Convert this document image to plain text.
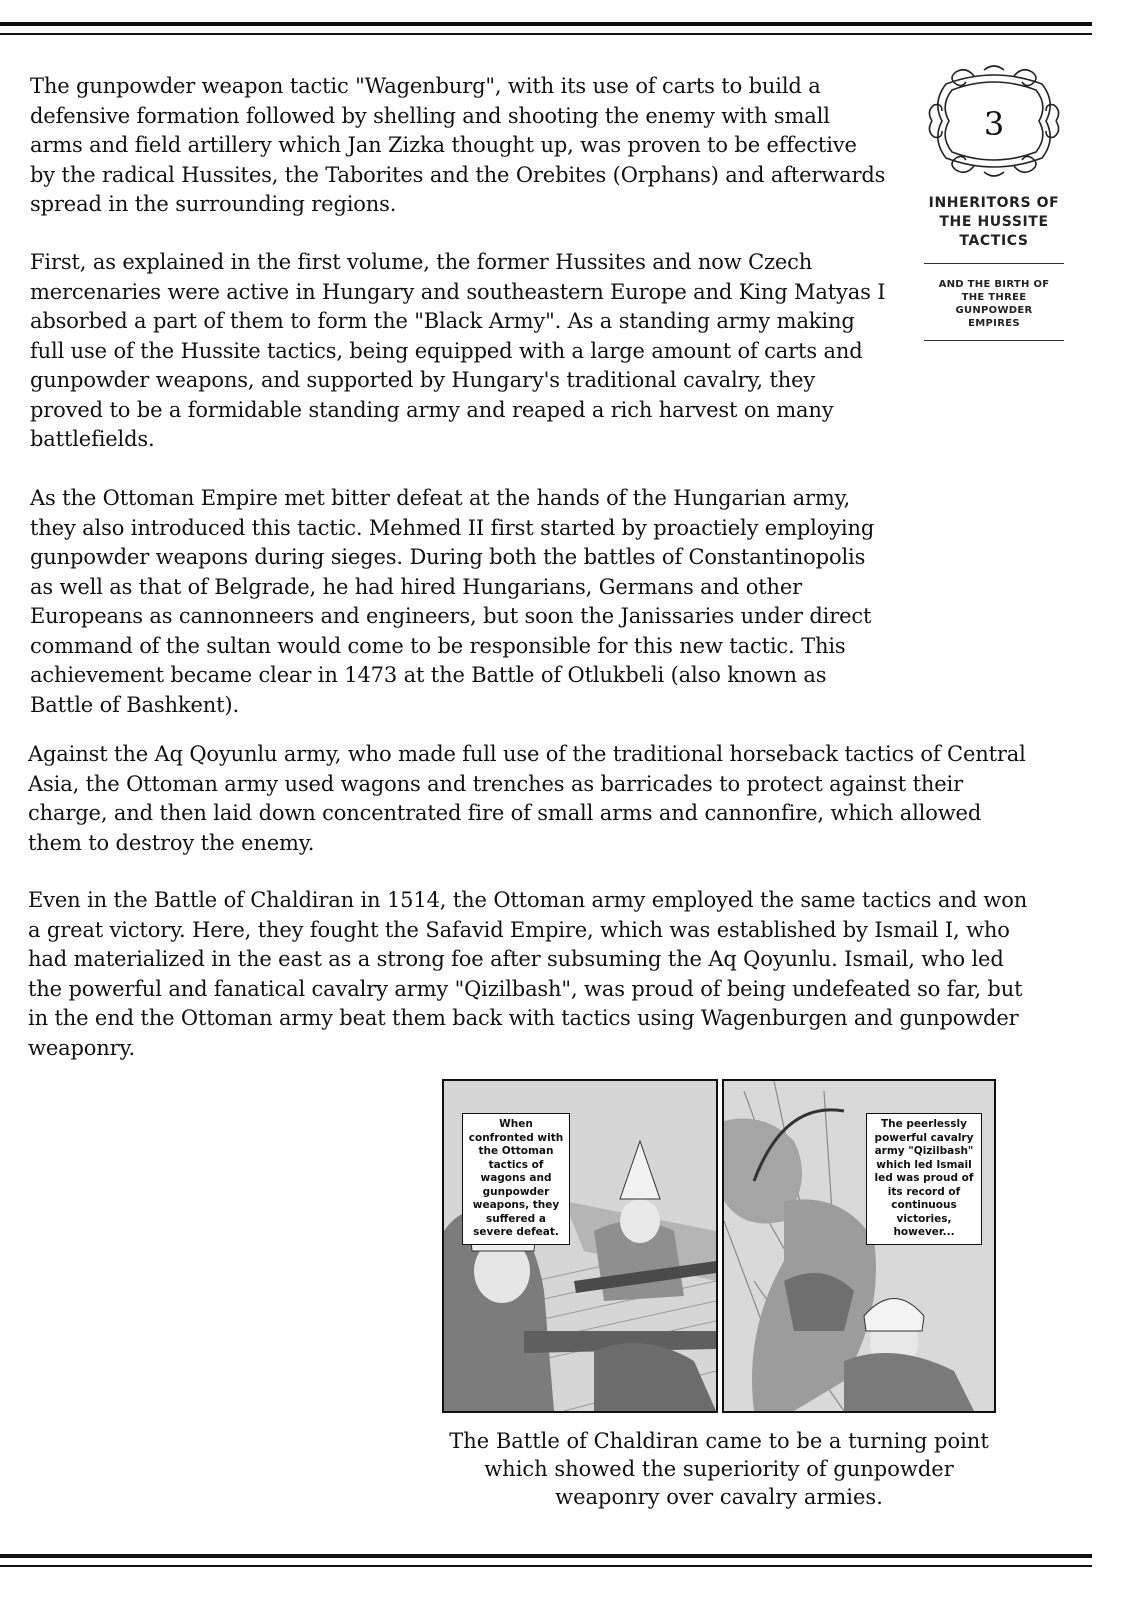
The gunpowder weapon tactic "Wagenburg", with its use of carts to build a defensive formation followed by shelling and shooting the enemy with small arms and field artillery which Jan Zizka thought up, was proven to be effective by the radical Hussites, the Taborites and the Orebites (Orphans) and afterwards spread in the surrounding regions.

First, as explained in the first volume, the former Hussites and now Czech mercenaries were active in Hungary and southeastern Europe and King Matyas I absorbed a part of them to form the "Black Army". As a standing army making full use of the Hussite tactics, being equipped with a large amount of carts and gunpowder weapons, and supported by Hungary's traditional cavalry, they proved to be a formidable standing army and reaped a rich harvest on many battlefields.

As the Ottoman Empire met bitter defeat at the hands of the Hungarian army, they also introduced this tactic. Mehmed II first started by proactiely employing gunpowder weapons during sieges. During both the battles of Constantinopolis as well as that of Belgrade, he had hired Hungarians, Germans and other Europeans as cannonneers and engineers, but soon the Janissaries under direct command of the sultan would come to be responsible for this new tactic. This achievement became clear in 1473 at the Battle of Otlukbeli (also known as Battle of Bashkent).

Against the Aq Qoyunlu army, who made full use of the traditional horseback tactics of Central Asia, the Ottoman army used wagons and trenches as barricades to protect against their charge, and then laid down concentrated fire of small arms and cannonfire, which allowed them to destroy the enemy.

Even in the Battle of Chaldiran in 1514, the Ottoman army employed the same tactics and won a great victory. Here, they fought the Safavid Empire, which was established by Ismail I, who had materialized in the east as a strong foe after subsuming the Aq Qoyunlu. Ismail, who led the powerful and fanatical cavalry army "Qizilbash", was proud of being undefeated so far, but in the end the Ottoman army beat them back with tactics using Wagenburgen and gunpowder weaponry.

3
INHERITORS OF THE HUSSITE TACTICS
AND THE BIRTH OF THE THREE GUNPOWDER EMPIRES
When confronted with the Ottoman tactics of wagons and gunpowder weapons, they suffered a severe defeat.
The peerlessly powerful cavalry army "Qizilbash" which led Ismail led was proud of its record of continuous victories, however...

The Battle of Chaldiran came to be a turning point which showed the superiority of gunpowder weaponry over cavalry armies.
